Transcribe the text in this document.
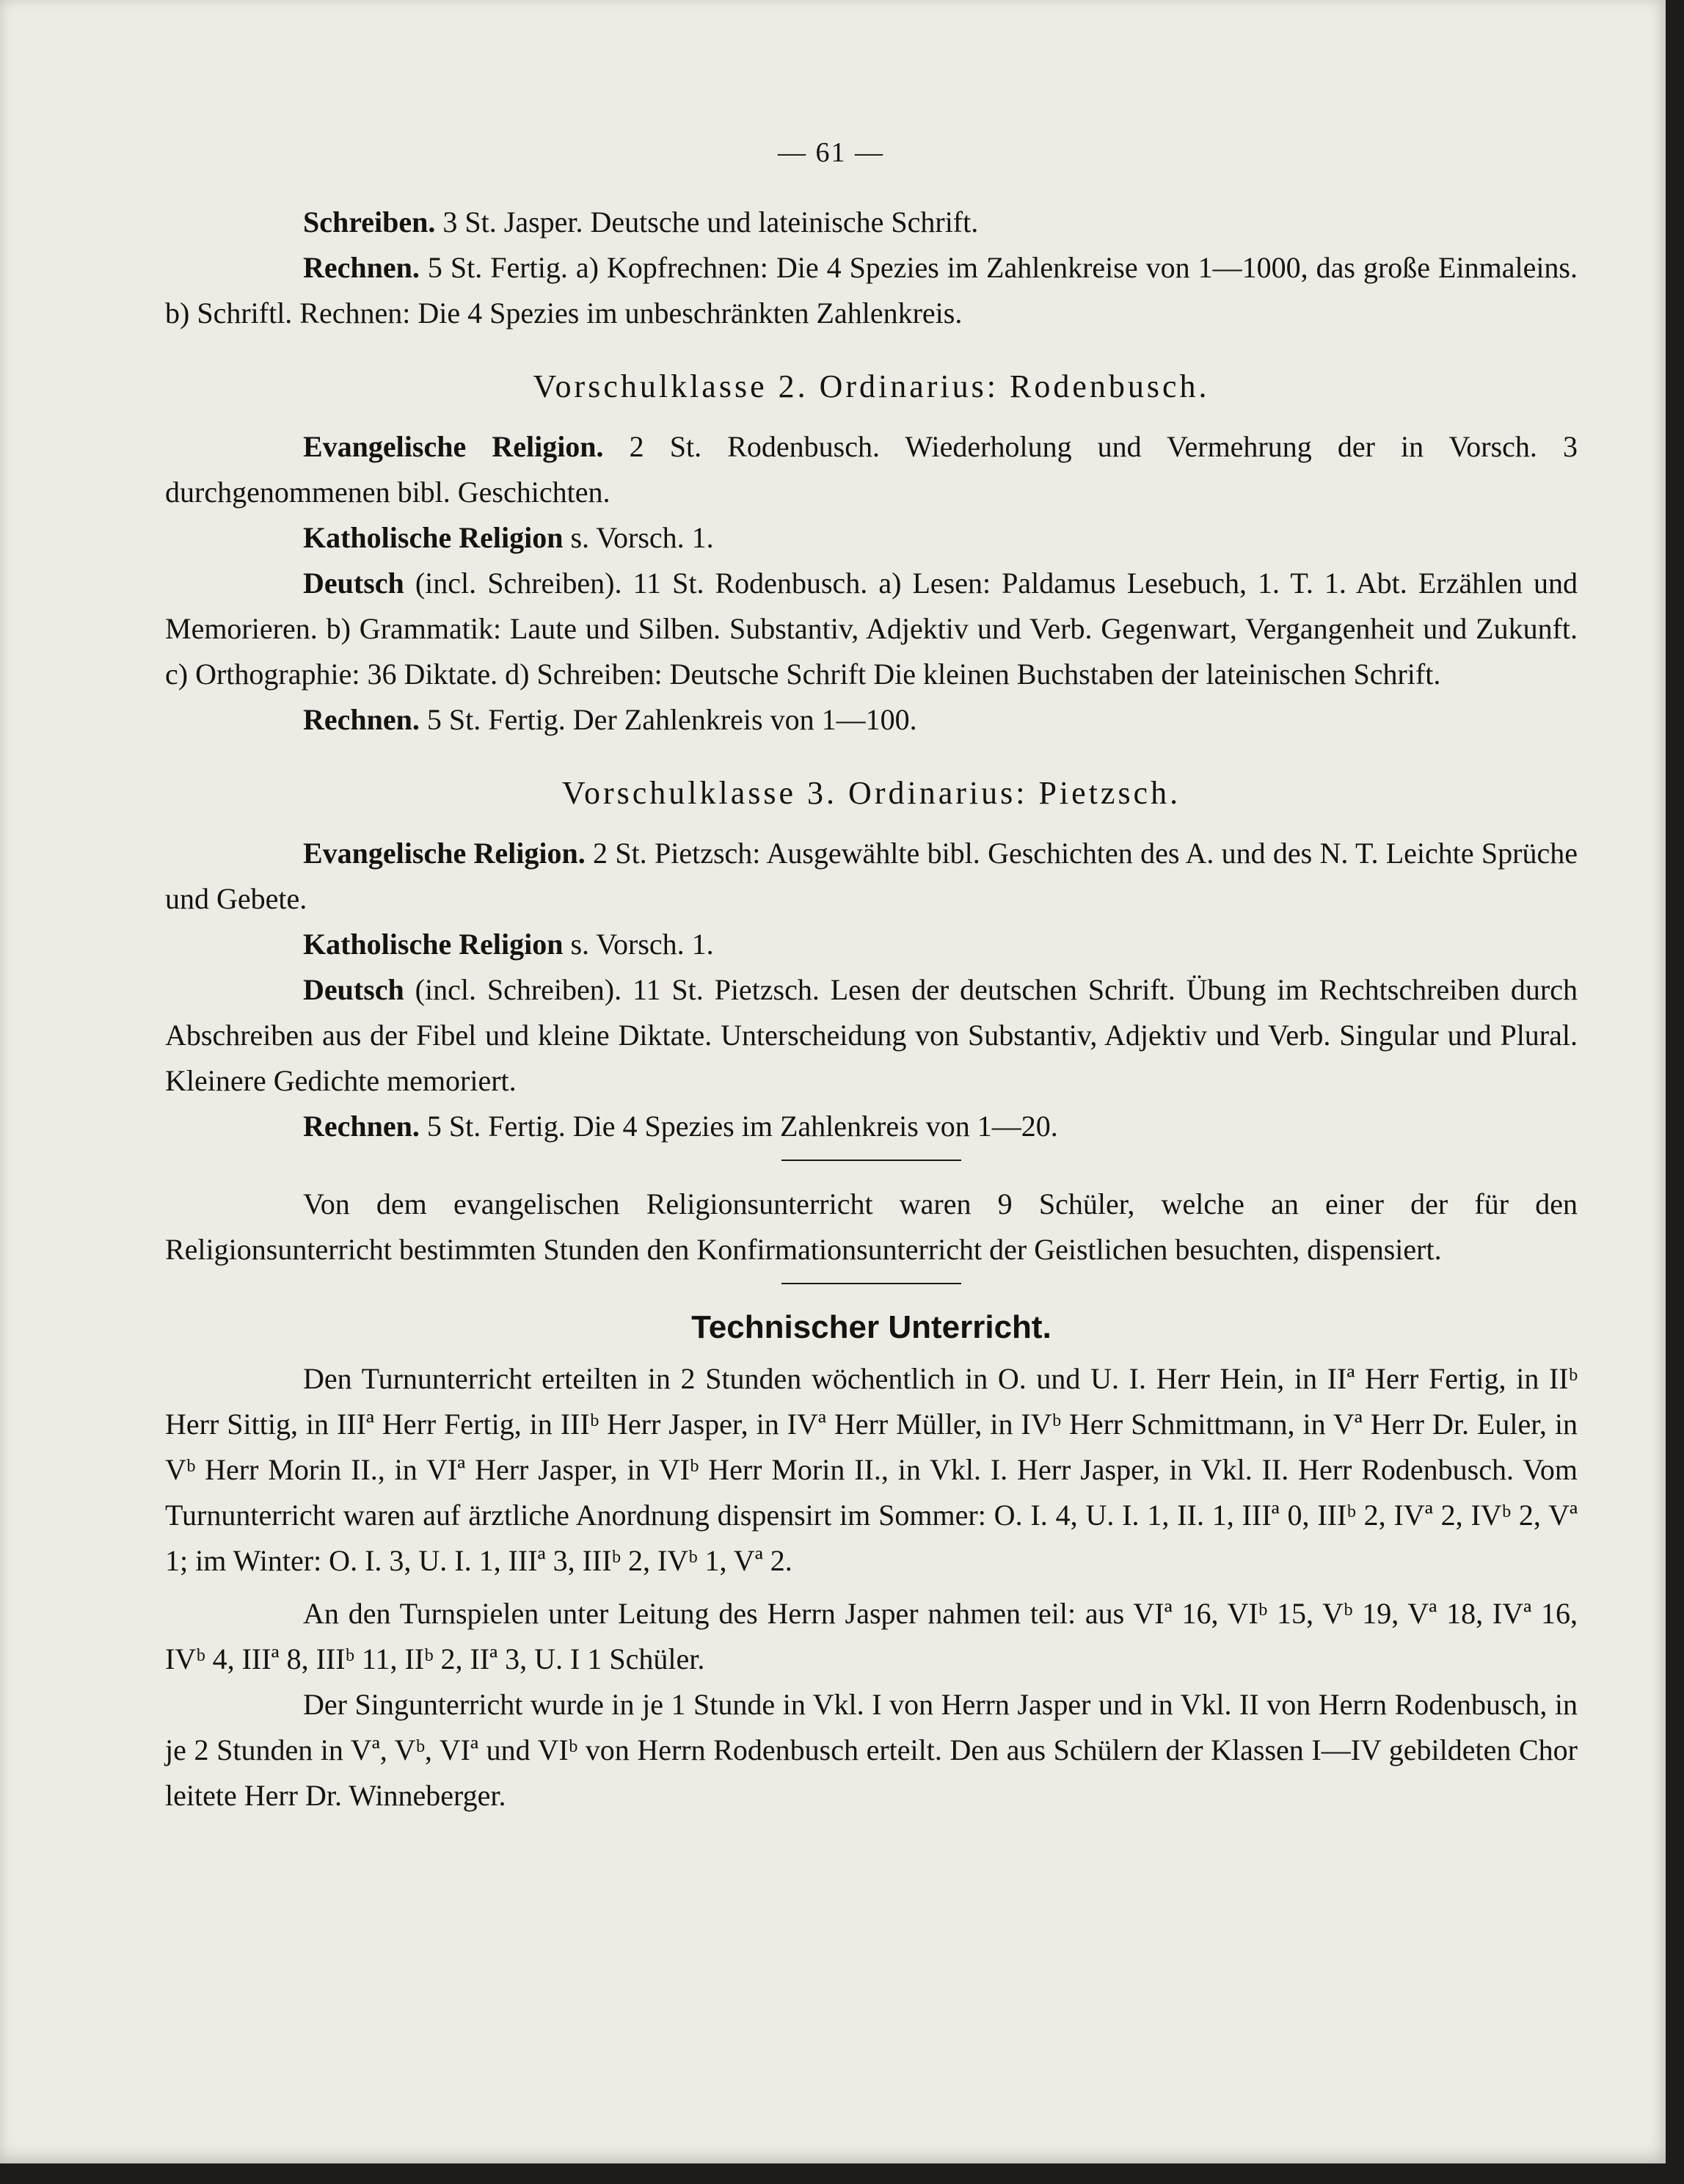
— 61 —

Schreiben. 3 St. Jasper. Deutsche und lateinische Schrift.

Rechnen. 5 St. Fertig. a) Kopfrechnen: Die 4 Spezies im Zahlenkreise von 1—1000, das große Einmaleins. b) Schriftl. Rechnen: Die 4 Spezies im unbeschränkten Zahlenkreis.

Vorschulklasse 2. Ordinarius: Rodenbusch.

Evangelische Religion. 2 St. Rodenbusch. Wiederholung und Vermehrung der in Vorsch. 3 durchgenommenen bibl. Geschichten.

Katholische Religion s. Vorsch. 1.

Deutsch (incl. Schreiben). 11 St. Rodenbusch. a) Lesen: Paldamus Lesebuch, 1. T. 1. Abt. Erzählen und Memorieren. b) Grammatik: Laute und Silben. Substantiv, Adjektiv und Verb. Gegenwart, Vergangenheit und Zukunft. c) Orthographie: 36 Diktate. d) Schreiben: Deutsche Schrift Die kleinen Buchstaben der lateinischen Schrift.

Rechnen. 5 St. Fertig. Der Zahlenkreis von 1—100.

Vorschulklasse 3. Ordinarius: Pietzsch.

Evangelische Religion. 2 St. Pietzsch: Ausgewählte bibl. Geschichten des A. und des N. T. Leichte Sprüche und Gebete.

Katholische Religion s. Vorsch. 1.

Deutsch (incl. Schreiben). 11 St. Pietzsch. Lesen der deutschen Schrift. Übung im Rechtschreiben durch Abschreiben aus der Fibel und kleine Diktate. Unterscheidung von Substantiv, Adjektiv und Verb. Singular und Plural. Kleinere Gedichte memoriert.

Rechnen. 5 St. Fertig. Die 4 Spezies im Zahlenkreis von 1—20.

Von dem evangelischen Religionsunterricht waren 9 Schüler, welche an einer der für den Religionsunterricht bestimmten Stunden den Konfirmationsunterricht der Geistlichen besuchten, dispensiert.

Technischer Unterricht.

Den Turnunterricht erteilten in 2 Stunden wöchentlich in O. und U. I. Herr Hein, in IIª Herr Fertig, in IIᵇ Herr Sittig, in IIIª Herr Fertig, in IIIᵇ Herr Jasper, in IVª Herr Müller, in IVᵇ Herr Schmittmann, in Vª Herr Dr. Euler, in Vᵇ Herr Morin II., in VIª Herr Jasper, in VIᵇ Herr Morin II., in Vkl. I. Herr Jasper, in Vkl. II. Herr Rodenbusch. Vom Turnunterricht waren auf ärztliche Anordnung dispensirt im Sommer: O. I. 4, U. I. 1, II. 1, IIIª 0, IIIᵇ 2, IVª 2, IVᵇ 2, Vª 1; im Winter: O. I. 3, U. I. 1, IIIª 3, IIIᵇ 2, IVᵇ 1, Vª 2.

An den Turnspielen unter Leitung des Herrn Jasper nahmen teil: aus VIª 16, VIᵇ 15, Vᵇ 19, Vª 18, IVª 16, IVᵇ 4, IIIª 8, IIIᵇ 11, IIᵇ 2, IIª 3, U. I 1 Schüler.

Der Singunterricht wurde in je 1 Stunde in Vkl. I von Herrn Jasper und in Vkl. II von Herrn Rodenbusch, in je 2 Stunden in Vª, Vᵇ, VIª und VIᵇ von Herrn Rodenbusch erteilt. Den aus Schülern der Klassen I—IV gebildeten Chor leitete Herr Dr. Winneberger.
